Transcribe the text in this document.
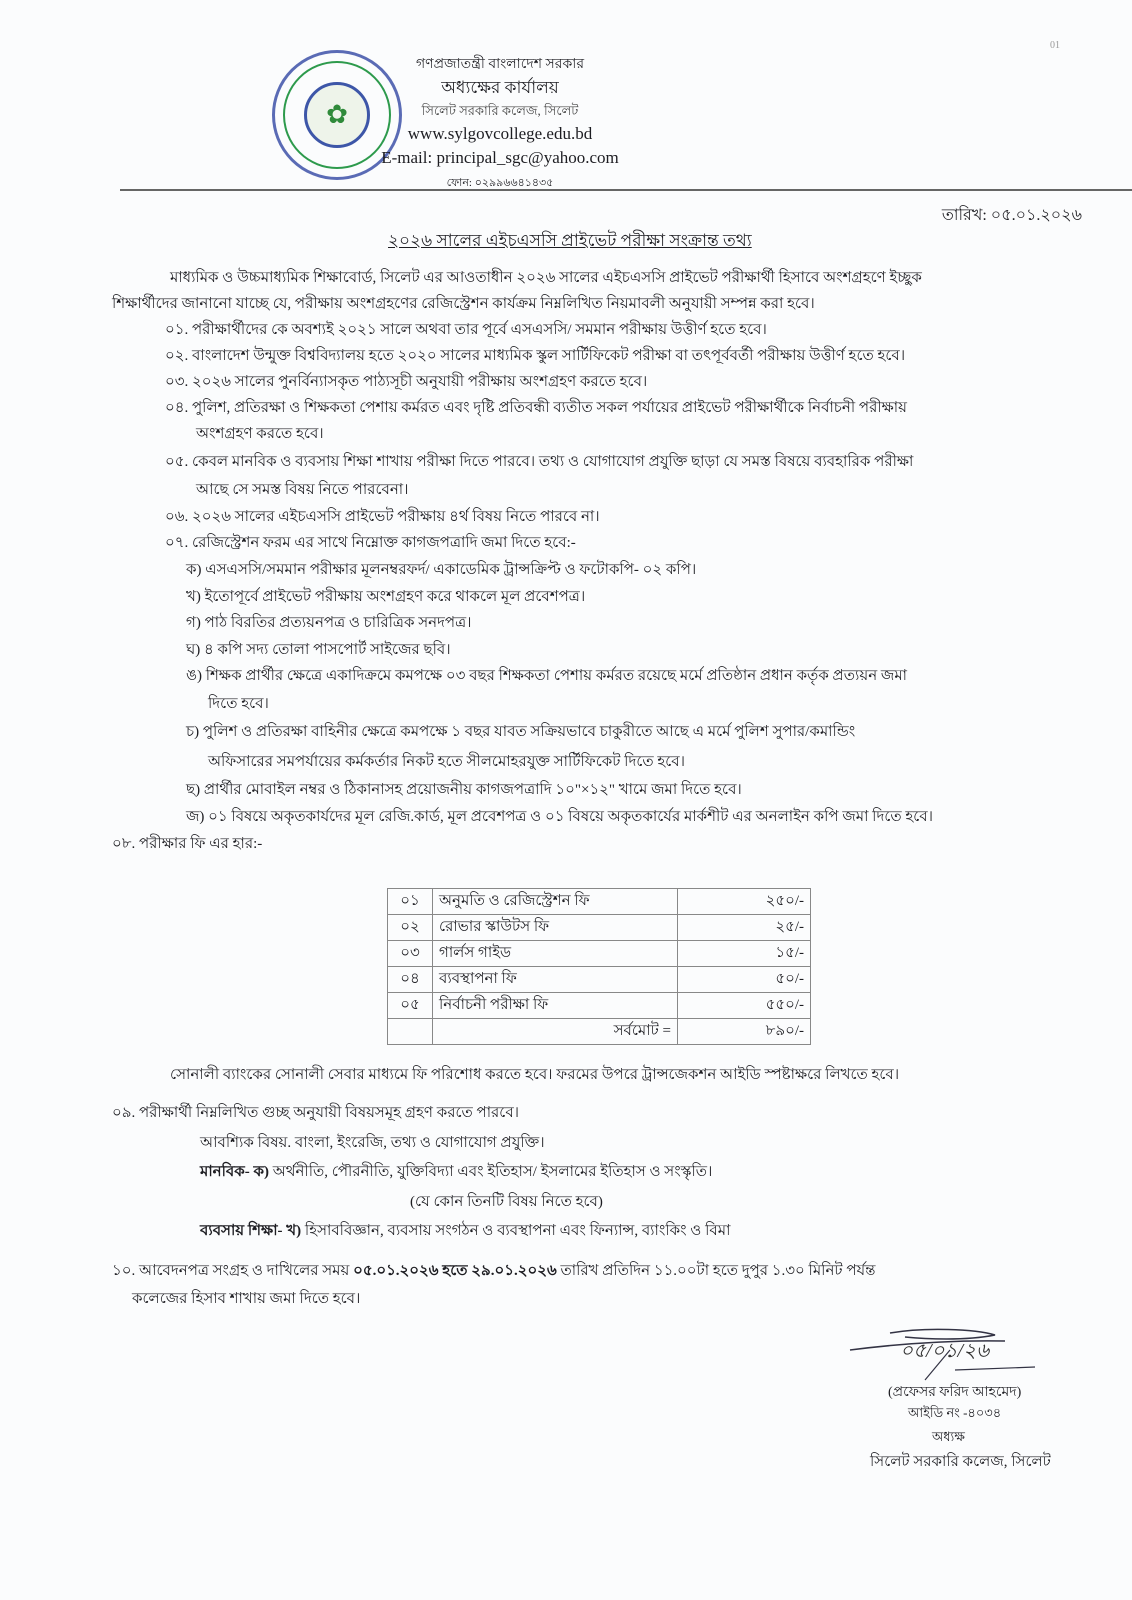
01
✿
গণপ্রজাতন্ত্রী বাংলাদেশ সরকার
অধ্যক্ষের কার্যালয়
সিলেট সরকারি কলেজ, সিলেট
www.sylgovcollege.edu.bd
E-mail: principal_sgc@yahoo.com
ফোন: ০২৯৯৬৬৪১৪৩৫
তারিখ: ০৫.০১.২০২৬
২০২৬ সালের এইচএসসি প্রাইভেট পরীক্ষা সংক্রান্ত তথ্য
মাধ্যমিক ও উচ্চমাধ্যমিক শিক্ষাবোর্ড, সিলেট এর আওতাধীন ২০২৬ সালের এইচএসসি প্রাইভেট পরীক্ষার্থী হিসাবে অংশগ্রহণে ইচ্ছুক
শিক্ষার্থীদের জানানো যাচ্ছে যে, পরীক্ষায় অংশগ্রহণের রেজিস্ট্রেশন কার্যক্রম নিম্নলিখিত নিয়মাবলী অনুযায়ী সম্পন্ন করা হবে।
০১. পরীক্ষার্থীদের কে অবশ্যই ২০২১ সালে অথবা তার পূর্বে এসএসসি/ সমমান পরীক্ষায় উত্তীর্ণ হতে হবে।
০২. বাংলাদেশ উন্মুক্ত বিশ্ববিদ্যালয় হতে ২০২০ সালের মাধ্যমিক স্কুল সার্টিফিকেট পরীক্ষা বা তৎপূর্ববর্তী পরীক্ষায় উত্তীর্ণ হতে হবে।
০৩. ২০২৬ সালের পুনর্বিন্যাসকৃত পাঠ্যসূচী অনুযায়ী পরীক্ষায় অংশগ্রহণ করতে হবে।
০৪. পুলিশ, প্রতিরক্ষা ও শিক্ষকতা পেশায় কর্মরত এবং দৃষ্টি প্রতিবন্ধী ব্যতীত সকল পর্যায়ের প্রাইভেট পরীক্ষার্থীকে নির্বাচনী পরীক্ষায়
অংশগ্রহণ করতে হবে।
০৫. কেবল মানবিক ও ব্যবসায় শিক্ষা শাখায় পরীক্ষা দিতে পারবে। তথ্য ও যোগাযোগ প্রযুক্তি ছাড়া যে সমস্ত বিষয়ে ব্যবহারিক পরীক্ষা
আছে সে সমস্ত বিষয় নিতে পারবেনা।
০৬. ২০২৬ সালের এইচএসসি প্রাইভেট পরীক্ষায় ৪র্থ বিষয় নিতে পারবে না।
০৭. রেজিস্ট্রেশন ফরম এর সাথে নিম্নোক্ত কাগজপত্রাদি জমা দিতে হবে:-
ক) এসএসসি/সমমান পরীক্ষার মূলনম্বরফর্দ/ একাডেমিক ট্রান্সক্রিপ্ট ও ফটোকপি- ০২ কপি।
খ) ইতোপূর্বে প্রাইভেট পরীক্ষায় অংশগ্রহণ করে থাকলে মূল প্রবেশপত্র।
গ) পাঠ বিরতির প্রত্যয়নপত্র ও চারিত্রিক সনদপত্র।
ঘ) ৪ কপি সদ্য তোলা পাসপোর্ট সাইজের ছবি।
ঙ) শিক্ষক প্রার্থীর ক্ষেত্রে একাদিক্রমে কমপক্ষে ০৩ বছর শিক্ষকতা পেশায় কর্মরত রয়েছে মর্মে প্রতিষ্ঠান প্রধান কর্তৃক প্রত্যয়ন জমা
দিতে হবে।
চ) পুলিশ ও প্রতিরক্ষা বাহিনীর ক্ষেত্রে কমপক্ষে ১ বছর যাবত সক্রিয়ভাবে চাকুরীতে আছে এ মর্মে পুলিশ সুপার/কমান্ডিং
অফিসারের সমপর্যায়ের কর্মকর্তার নিকট হতে সীলমোহরযুক্ত সার্টিফিকেট দিতে হবে।
ছ) প্রার্থীর মোবাইল নম্বর ও ঠিকানাসহ প্রয়োজনীয় কাগজপত্রাদি ১০"×১২" খামে জমা দিতে হবে।
জ) ০১ বিষয়ে অকৃতকার্যদের মূল রেজি.কার্ড, মূল প্রবেশপত্র ও ০১ বিষয়ে অকৃতকার্যের মার্কশীট এর অনলাইন কপি জমা দিতে হবে।
০৮. পরীক্ষার ফি এর হার:-
০১	অনুমতি ও রেজিস্ট্রেশন ফি	২৫০/-
০২	রোভার স্কাউটস ফি	২৫/-
০৩	গার্লস গাইড	১৫/-
০৪	ব্যবস্থাপনা ফি	৫০/-
০৫	নির্বাচনী পরীক্ষা ফি	৫৫০/-
	সর্বমোট =	৮৯০/-
সোনালী ব্যাংকের সোনালী সেবার মাধ্যমে ফি পরিশোধ করতে হবে। ফরমের উপরে ট্রান্সজেকশন আইডি স্পষ্টাক্ষরে লিখতে হবে।
০৯. পরীক্ষার্থী নিম্নলিখিত গুচ্ছ অনুযায়ী বিষয়সমূহ গ্রহণ করতে পারবে।
আবশ্যিক বিষয়. বাংলা, ইংরেজি, তথ্য ও যোগাযোগ প্রযুক্তি।
মানবিক- ক) অর্থনীতি, পৌরনীতি, যুক্তিবিদ্যা এবং ইতিহাস/ ইসলামের ইতিহাস ও সংস্কৃতি।
(যে কোন তিনটি বিষয় নিতে হবে)
ব্যবসায় শিক্ষা- খ) হিসাববিজ্ঞান, ব্যবসায় সংগঠন ও ব্যবস্থাপনা এবং ফিন্যান্স, ব্যাংকিং ও বিমা
১০. আবেদনপত্র সংগ্রহ ও দাখিলের সময় ০৫.০১.২০২৬ হতে ২৯.০১.২০২৬ তারিখ প্রতিদিন ১১.০০টা হতে দুপুর ১.৩০ মিনিট পর্যন্ত
কলেজের হিসাব শাখায় জমা দিতে হবে।
০৫/০১/২৬
(প্রফেসর ফরিদ আহমেদ)
আইডি নং -৪০৩৪
অধ্যক্ষ
সিলেট সরকারি কলেজ, সিলেট
